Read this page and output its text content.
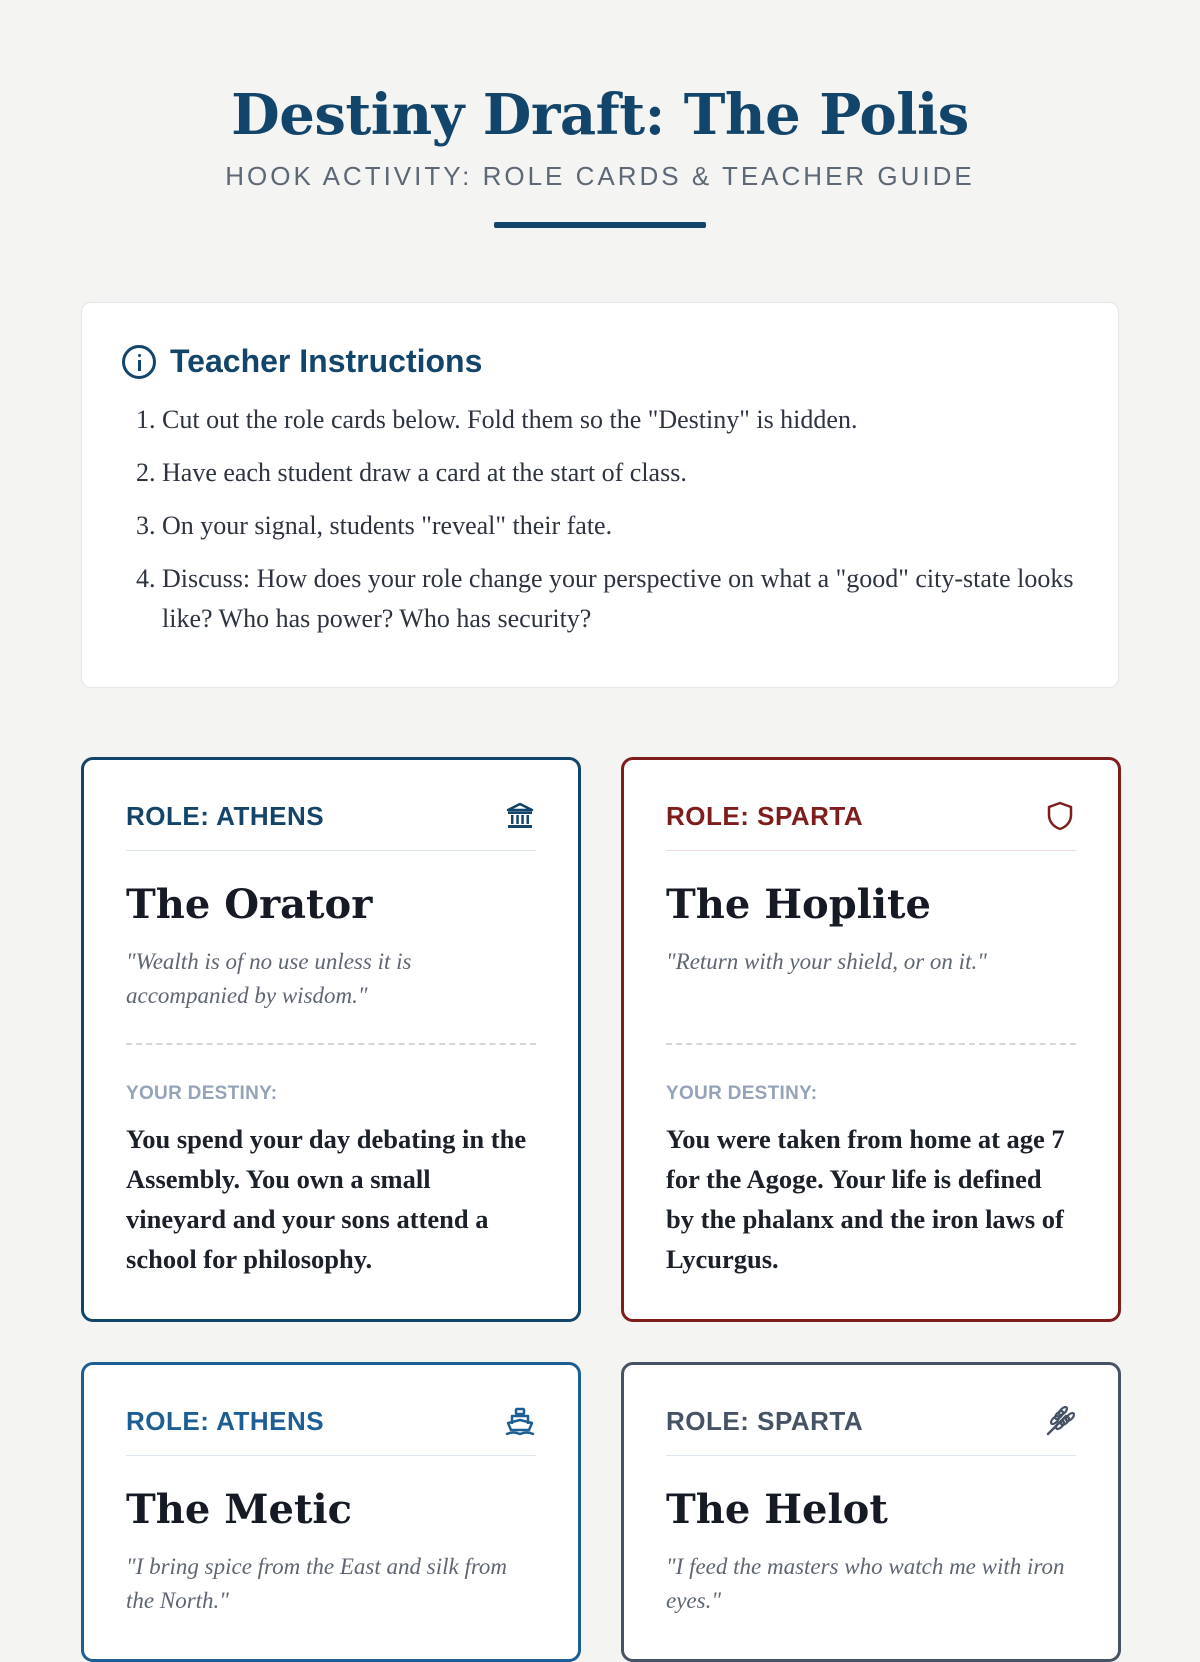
Destiny Draft: The Polis
HOOK ACTIVITY: ROLE CARDS & TEACHER GUIDE
Teacher Instructions
1. Cut out the role cards below. Fold them so the "Destiny" is hidden.
2. Have each student draw a card at the start of class.
3. On your signal, students "reveal" their fate.
4. Discuss: How does your role change your perspective on what a "good" city-state looks like? Who has power? Who has security?
ROLE: ATHENS
The Orator
"Wealth is of no use unless it is accompanied by wisdom."
YOUR DESTINY:
You spend your day debating in the Assembly. You own a small vineyard and your sons attend a school for philosophy.
ROLE: SPARTA
The Hoplite
"Return with your shield, or on it."
YOUR DESTINY:
You were taken from home at age 7 for the Agoge. Your life is defined by the phalanx and the iron laws of Lycurgus.
ROLE: ATHENS
The Metic
"I bring spice from the East and silk from the North."
ROLE: SPARTA
The Helot
"I feed the masters who watch me with iron eyes."
